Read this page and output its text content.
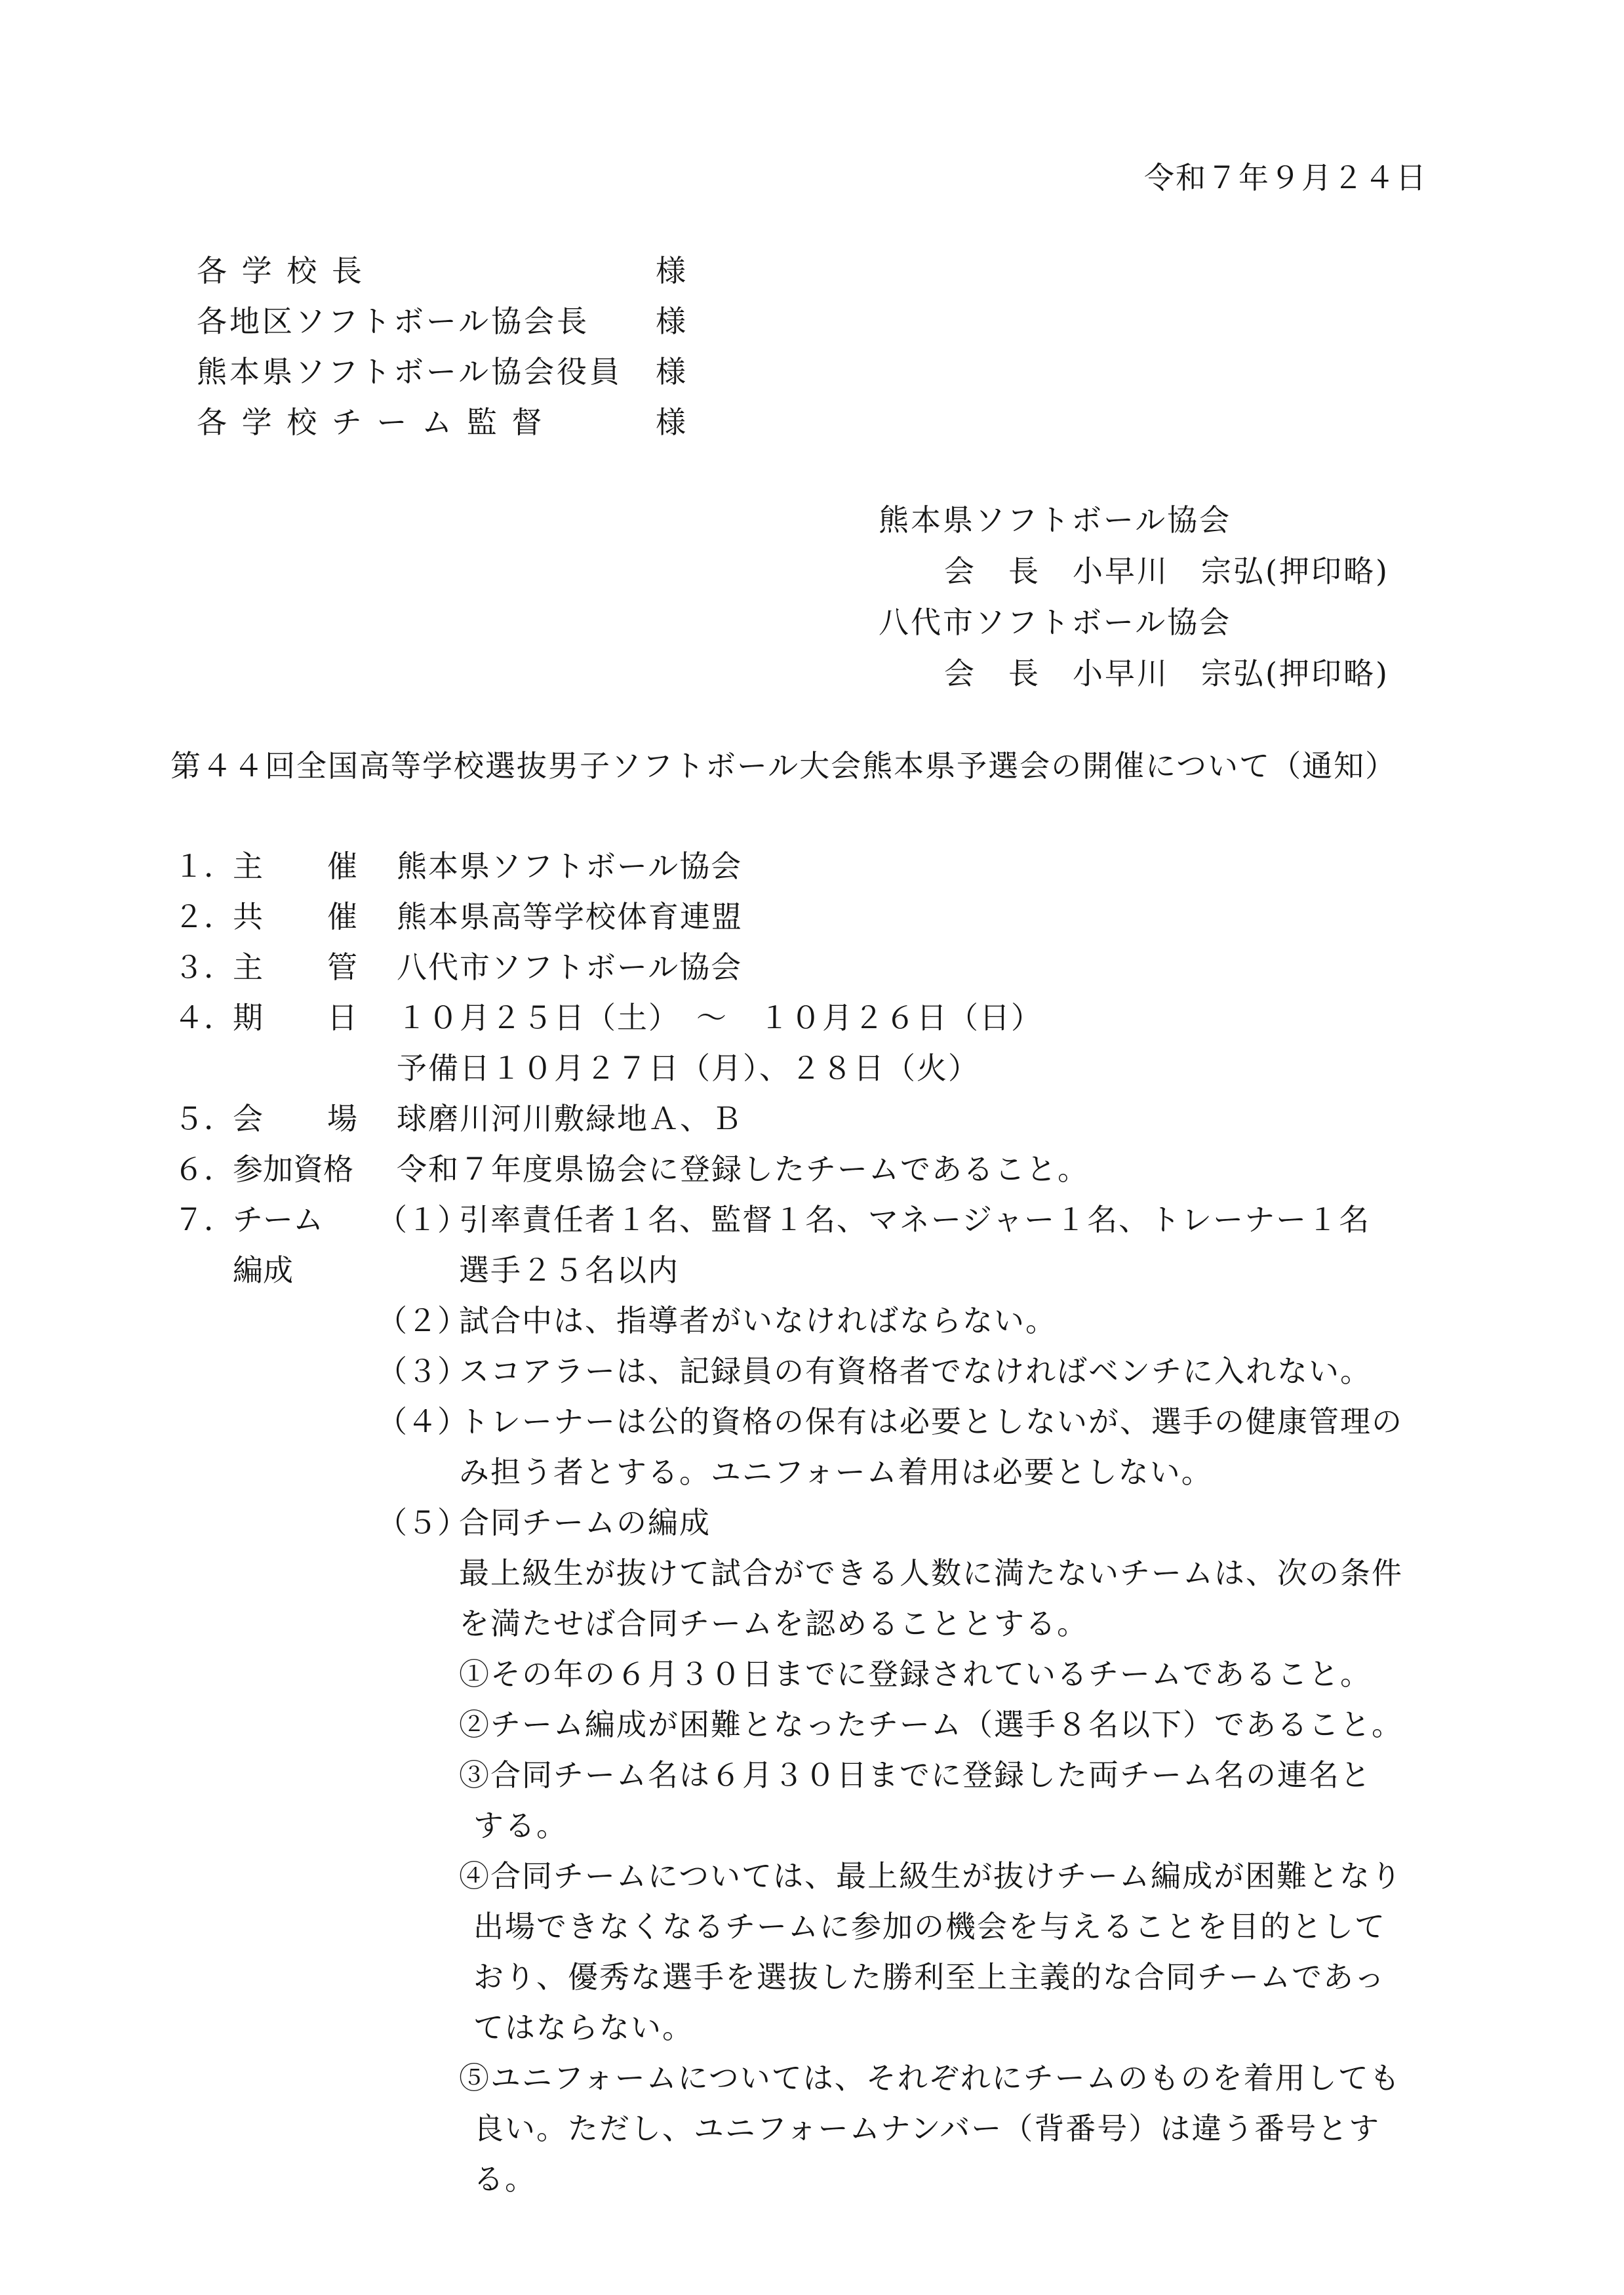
令和７年９月２４日
各 学 校 長	様
各地区ソフトボール協会長 様
熊本県ソフトボール協会役員 様
各 学 校 チ ー ム 監 督	様
熊本県ソフトボール協会
会　長　小早川　宗弘(押印略)
八代市ソフトボール協会
会　長　小早川　宗弘(押印略)
第４４回全国高等学校選抜男子ソフトボール大会熊本県予選会の開催について（通知）
１．
主 催 熊本県ソフトボール協会
２．
共 催 熊本県高等学校体育連盟
３．
主 管 八代市ソフトボール協会
４．
期 日 １０月２５日（土）　～　１０月２６日（日）
予備日１０月２７日（月）、２８日（火）
５．
会 場 球磨川河川敷緑地Ａ、Ｂ
６．
参加資格	令和７年度県協会に登録したチームであること。
７．
チーム
編成
（１）
引率責任者１名、監督１名、マネージャー１名、トレーナー１名
選手２５名以内
（２）
試合中は、指導者がいなければならない。
（３）
スコアラーは、記録員の有資格者でなければベンチに入れない。
（４）
トレーナーは公的資格の保有は必要としないが、選手の健康管理の
み担う者とする。ユニフォーム着用は必要としない。
（５）
合同チームの編成
最上級生が抜けて試合ができる人数に満たないチームは、次の条件
を満たせば合同チームを認めることとする。
①その年の６月３０日までに登録されているチームであること。
②チーム編成が困難となったチーム（選手８名以下）であること。
③合同チーム名は６月３０日までに登録した両チーム名の連名と
する。
④合同チームについては、最上級生が抜けチーム編成が困難となり
出場できなくなるチームに参加の機会を与えることを目的として
おり、優秀な選手を選抜した勝利至上主義的な合同チームであっ
てはならない。
⑤ユニフォームについては、それぞれにチームのものを着用しても
良い。ただし、ユニフォームナンバー（背番号）は違う番号とす
る。
